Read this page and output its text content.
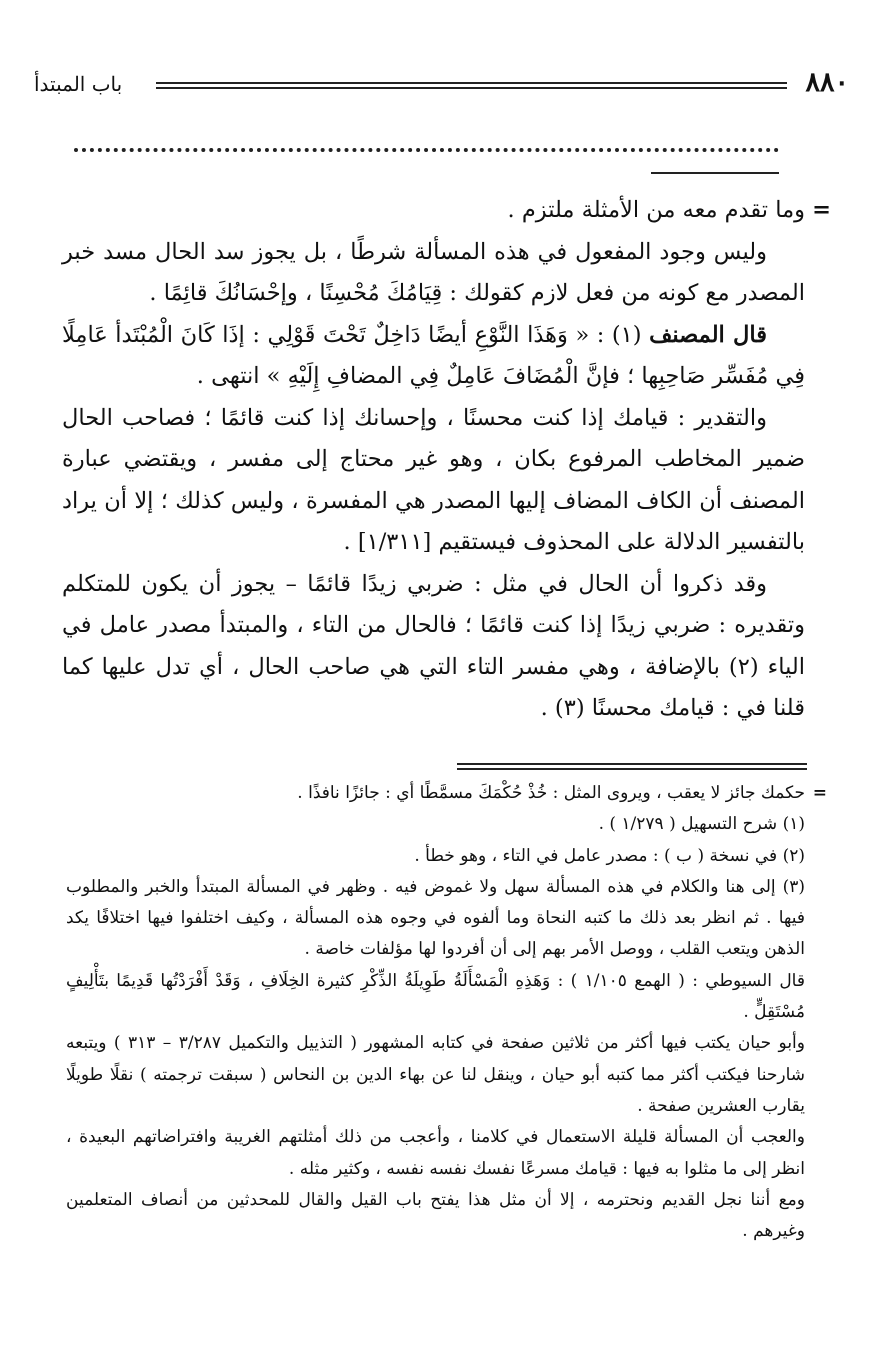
٨٨٠
باب المبتدأ

=
وما تقدم معه من الأمثلة ملتزم .

وليس وجود المفعول في هذه المسألة شرطًا ، بل يجوز سد الحال مسد خبر المصدر مع كونه من فعل لازم كقولك : قِيَامُكَ مُحْسِنًا ، وإحْسَانُكَ قائِمًا .

قال المصنف (١) : « وَهَذَا النَّوْعِ أيضًا دَاخِلٌ تَحْتَ قَوْلِي : إذَا كَانَ الْمُبْتَدأ عَامِلًا فِي مُفَسِّر صَاحِبِها ؛ فإنَّ الْمُضَافَ عَامِلٌ فِي المضافِ إِلَيْهِ » انتهى .

والتقدير : قيامك إذا كنت محسنًا ، وإحسانك إذا كنت قائمًا ؛ فصاحب الحال ضمير المخاطب المرفوع بكان ، وهو غير محتاج إلى مفسر ، ويقتضي عبارة المصنف أن الكاف المضاف إليها المصدر هي المفسرة ، وليس كذلك ؛ إلا أن يراد بالتفسير الدلالة على المحذوف فيستقيم [١/٣١١] .

وقد ذكروا أن الحال في مثل : ضربي زيدًا قائمًا – يجوز أن يكون للمتكلم وتقديره : ضربي زيدًا إذا كنت قائمًا ؛ فالحال من التاء ، والمبتدأ مصدر عامل في الياء (٢) بالإضافة ، وهي مفسر التاء التي هي صاحب الحال ، أي تدل عليها كما قلنا في : قيامك محسنًا (٣) .

=
حكمك جائز لا يعقب ، ويروى المثل : خُذْ حُكْمَكَ مسمَّطًا أي : جائزًا نافذًا .

(١) شرح التسهيل ( ١/٢٧٩ ) .

(٢) في نسخة ( ب ) : مصدر عامل في التاء ، وهو خطأ .

(٣) إلى هنا والكلام في هذه المسألة سهل ولا غموض فيه . وظهر في المسألة المبتدأ والخبر والمطلوب فيها . ثم انظر بعد ذلك ما كتبه النحاة وما ألفوه في وجوه هذه المسألة ، وكيف اختلفوا فيها اختلافًا يكد الذهن ويتعب القلب ، ووصل الأمر بهم إلى أن أفردوا لها مؤلفات خاصة .

قال السيوطي : ( الهمع ١/١٠٥ ) : وَهَذِهِ الْمَسْأَلَةُ طَوِيلَةُ الذِّكْرِ كثيرة الخِلَافِ ، وَقَدْ أَفْرَدْتُها قَدِيمًا بتَأْلِيفٍ مُسْتَقِلٍّ .

وأبو حيان يكتب فيها أكثر من ثلاثين صفحة في كتابه المشهور ( التذييل والتكميل ٣/٢٨٧ – ٣١٣ ) ويتبعه شارحنا فيكتب أكثر مما كتبه أبو حيان ، وينقل لنا عن بهاء الدين بن النحاس ( سبقت ترجمته ) نقلًا طويلًا يقارب العشرين صفحة .

والعجب أن المسألة قليلة الاستعمال في كلامنا ، وأعجب من ذلك أمثلتهم الغريبة وافتراضاتهم البعيدة ، انظر إلى ما مثلوا به فيها : قيامك مسرعًا نفسك نفسه نفسه ، وكثير مثله .

ومع أننا نجل القديم ونحترمه ، إلا أن مثل هذا يفتح باب القيل والقال للمحدثين من أنصاف المتعلمين وغيرهم .
